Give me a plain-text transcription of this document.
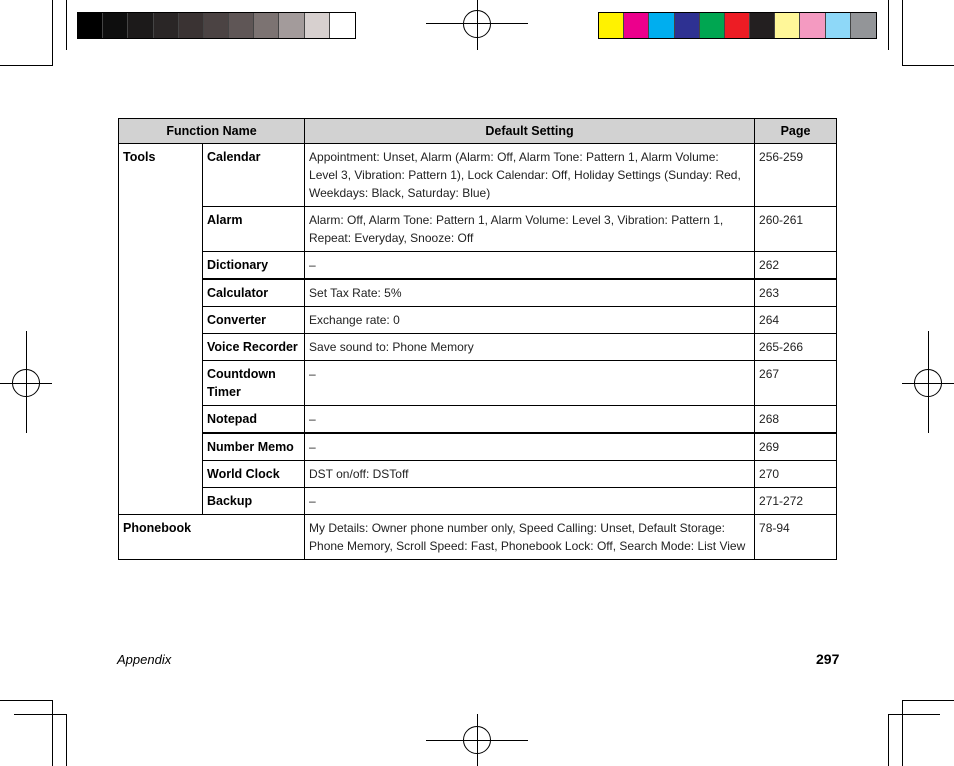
Function Name		Default Setting	Page
Tools	Calendar	Appointment: Unset, Alarm (Alarm: Off, Alarm Tone: Pattern 1, Alarm Volume: Level 3, Vibration: Pattern 1), Lock Calendar: Off, Holiday Settings (Sunday: Red, Weekdays: Black, Saturday: Blue)	256-259
	Alarm	Alarm: Off, Alarm Tone: Pattern 1, Alarm Volume: Level 3, Vibration: Pattern 1, Repeat: Everyday, Snooze: Off	260-261
	Dictionary	–	262
	Calculator	Set Tax Rate: 5%	263
	Converter	Exchange rate: 0	264
	Voice Recorder	Save sound to: Phone Memory	265-266
	Countdown Timer	–	267
	Notepad	–	268
	Number Memo	–	269
	World Clock	DST on/off: DSToff	270
	Backup	–	271-272
Phonebook		My Details: Owner phone number only, Speed Calling: Unset, Default Storage: Phone Memory, Scroll Speed: Fast, Phonebook Lock: Off, Search Mode: List View	78-94
Appendix	297
